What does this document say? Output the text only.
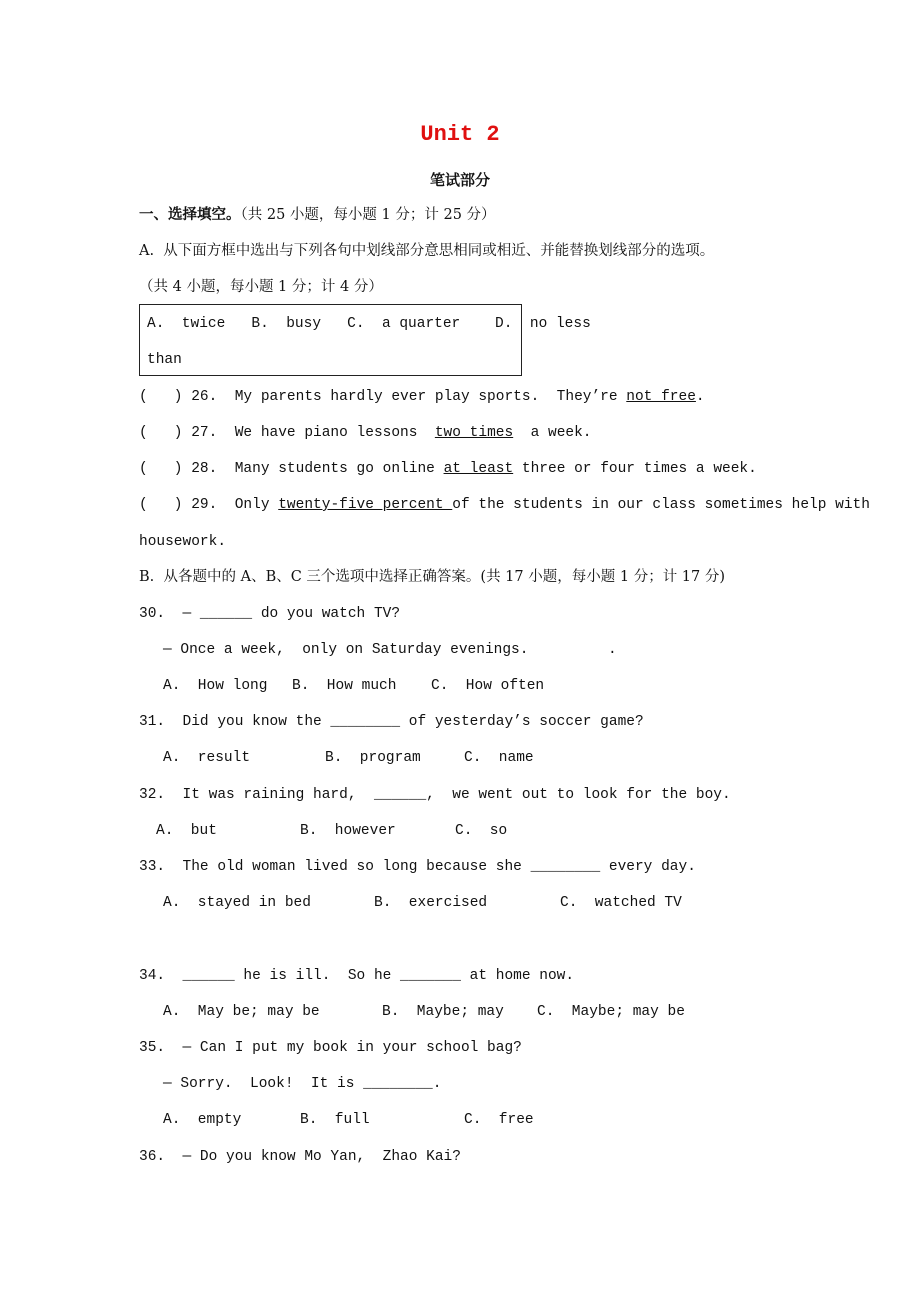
Unit 2
笔试部分
一、选择填空。（共 25 小题，每小题 1 分；计 25 分）
A.  从下面方框中选出与下列各句中划线部分意思相同或相近、并能替换划线部分的选项。
（共 4 小题，每小题 1 分；计 4 分）
A.  twice   B.  busy   C.  a quarter    D.  no less
than
(   ) 26.  My parents hardly ever play sports.  They’re not free.
(   ) 27.  We have piano lessons  two times  a week.
(   ) 28.  Many students go online at least three or four times a week.
(   ) 29.  Only twenty-five percent of the students in our class sometimes help with
housework.
B.  从各题中的 A、B、C 三个选项中选择正确答案。(共 17 小题，每小题 1 分；计 17 分)
30.  — ______ do you watch TV?
— Once a week,  only on Saturday evenings.	.
A.  How long B.  How much C.  How often
31.  Did you know the ________ of yesterday’s soccer game?
A.  result	B.  program	C.  name
32.  It was raining hard,  ______,  we went out to look for the boy.
A.  but	B.  however	C.  so
33.  The old woman lived so long because she ________ every day.
A.  stayed in bed	B.  exercised	C.  watched TV
34.  ______ he is ill.  So he _______ at home now.
A.  May be; may be	B.  Maybe; may C.  Maybe; may be
35.  — Can I put my book in your school bag?
— Sorry.  Look!  It is ________.
A.  empty	B.  full	C.  free
36.  — Do you know Mo Yan,  Zhao Kai?
